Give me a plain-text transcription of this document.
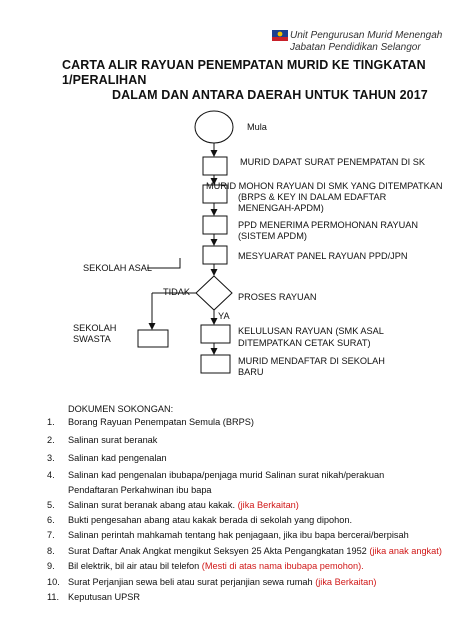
Unit Pengurusan Murid Menengah
Jabatan Pendidikan Selangor
CARTA ALIR RAYUAN PENEMPATAN MURID KE TINGKATAN
1/PERALIHAN
DALAM DAN ANTARA DAERAH UNTUK TAHUN 2017
Mula
MURID DAPAT SURAT PENEMPATAN DI SK
MURID MOHON RAYUAN DI SMK YANG DITEMPATKAN
(BRPS & KEY IN DALAM EDAFTAR
MENENGAH-APDM)
PPD MENERIMA PERMOHONAN RAYUAN
(SISTEM APDM)
MESYUARAT PANEL RAYUAN PPD/JPN
SEKOLAH ASAL
TIDAK	PROSES RAYUAN
YA
SEKOLAH
SWASTA
KELULUSAN RAYUAN (SMK ASAL
DITEMPATKAN CETAK SURAT)
MURID MENDAFTAR DI SEKOLAH
BARU
DOKUMEN SOKONGAN:
1. Borang Rayuan Penempatan Semula (BRPS)
2. Salinan surat beranak
3. Salinan kad pengenalan
4. Salinan kad pengenalan ibubapa/penjaga murid Salinan surat nikah/perakuan
Pendaftaran Perkahwinan ibu bapa
5. Salinan surat beranak abang atau kakak. (jika Berkaitan)
6. Bukti pengesahan abang atau kakak berada di sekolah yang dipohon.
7. Salinan perintah mahkamah tentang hak penjagaan, jika ibu bapa bercerai/berpisah
8. Surat Daftar Anak Angkat mengikut Seksyen 25 Akta Pengangkatan 1952 (jika anak angkat)
9. Bil elektrik, bil air atau bil telefon (Mesti di atas nama ibubapa pemohon).
10. Surat Perjanjian sewa beli atau surat perjanjian sewa rumah (jika Berkaitan)
11. Keputusan UPSR
